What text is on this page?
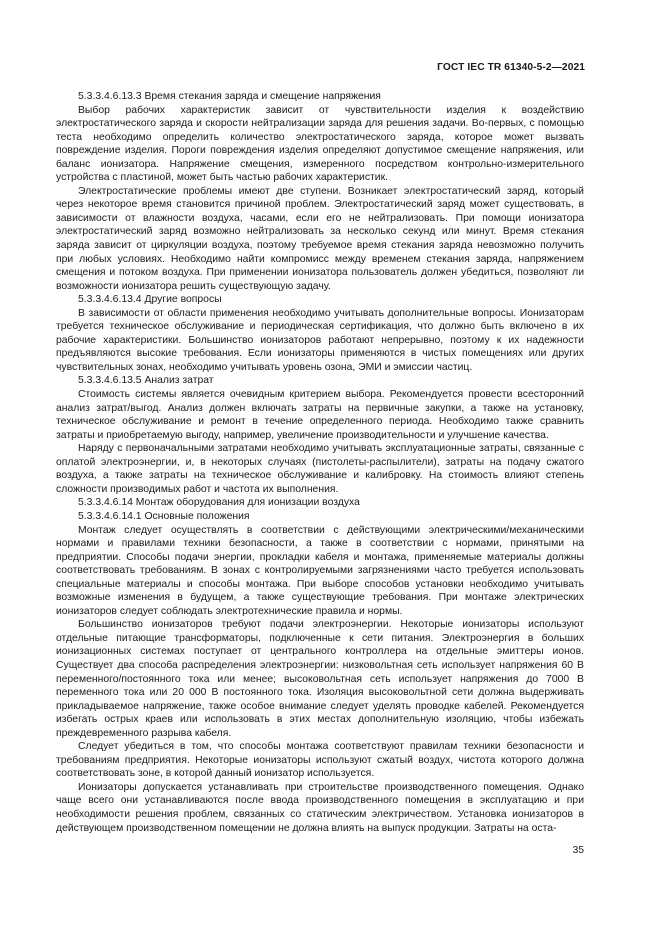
ГОСТ IEC TR 61340-5-2—2021

5.3.3.4.6.13.3 Время стекания заряда и смещение напряжения

Выбор рабочих характеристик зависит от чувствительности изделия к воздействию электростатического заряда и скорости нейтрализации заряда для решения задачи. Во-первых, с помощью теста необходимо определить количество электростатического заряда, которое может вызвать повреждение изделия. Пороги повреждения изделия определяют допустимое смещение напряжения, или баланс ионизатора. Напряжение смещения, измеренного посредством контрольно-измерительного устройства с пластиной, может быть частью рабочих характеристик.

Электростатические проблемы имеют две ступени. Возникает электростатический заряд, который через некоторое время становится причиной проблем. Электростатический заряд может существовать, в зависимости от влажности воздуха, часами, если его не нейтрализовать. При помощи ионизатора электростатический заряд возможно нейтрализовать за несколько секунд или минут. Время стекания заряда зависит от циркуляции воздуха, поэтому требуемое время стекания заряда невозможно получить при любых условиях. Необходимо найти компромисс между временем стекания заряда, напряжением смещения и потоком воздуха. При применении ионизатора пользователь должен убедиться, позволяют ли возможности ионизатора решить существующую задачу.

5.3.3.4.6.13.4 Другие вопросы

В зависимости от области применения необходимо учитывать дополнительные вопросы. Ионизаторам требуется техническое обслуживание и периодическая сертификация, что должно быть включено в их рабочие характеристики. Большинство ионизаторов работают непрерывно, поэтому к их надежности предъявляются высокие требования. Если ионизаторы применяются в чистых помещениях или других чувствительных зонах, необходимо учитывать уровень озона, ЭМИ и эмиссии частиц.

5.3.3.4.6.13.5 Анализ затрат

Стоимость системы является очевидным критерием выбора. Рекомендуется провести всесторонний анализ затрат/выгод. Анализ должен включать затраты на первичные закупки, а также на установку, техническое обслуживание и ремонт в течение определенного периода. Необходимо также сравнить затраты и приобретаемую выгоду, например, увеличение производительности и улучшение качества.

Наряду с первоначальными затратами необходимо учитывать эксплуатационные затраты, связанные с оплатой электроэнергии, и, в некоторых случаях (пистолеты-распылители), затраты на подачу сжатого воздуха, а также затраты на техническое обслуживание и калибровку. На стоимость влияют степень сложности производимых работ и частота их выполнения.

5.3.3.4.6.14 Монтаж оборудования для ионизации воздуха

5.3.3.4.6.14.1 Основные положения

Монтаж следует осуществлять в соответствии с действующими электрическими/механическими нормами и правилами техники безопасности, а также в соответствии с нормами, принятыми на предприятии. Способы подачи энергии, прокладки кабеля и монтажа, применяемые материалы должны соответствовать требованиям. В зонах с контролируемыми загрязнениями часто требуется использовать специальные материалы и способы монтажа. При выборе способов установки необходимо учитывать возможные изменения в будущем, а также существующие требования. При монтаже электрических ионизаторов следует соблюдать электротехнические правила и нормы.

Большинство ионизаторов требуют подачи электроэнергии. Некоторые ионизаторы используют отдельные питающие трансформаторы, подключенные к сети питания. Электроэнергия в больших ионизационных системах поступает от центрального контроллера на отдельные эмиттеры ионов. Существует два способа распределения электроэнергии: низковольтная сеть использует напряжения 60 В переменного/постоянного тока или менее; высоковольтная сеть использует напряжения до 7000 В переменного тока или 20 000 В постоянного тока. Изоляция высоковольтной сети должна выдерживать прикладываемое напряжение, также особое внимание следует уделять проводке кабелей. Рекомендуется избегать острых краев или использовать в этих местах дополнительную изоляцию, чтобы избежать преждевременного разрыва кабеля.

Следует убедиться в том, что способы монтажа соответствуют правилам техники безопасности и требованиям предприятия. Некоторые ионизаторы используют сжатый воздух, чистота которого должна соответствовать зоне, в которой данный ионизатор используется.

Ионизаторы допускается устанавливать при строительстве производственного помещения. Однако чаще всего они устанавливаются после ввода производственного помещения в эксплуатацию и при необходимости решения проблем, связанных со статическим электричеством. Установка ионизаторов в действующем производственном помещении не должна влиять на выпуск продукции. Затраты на оста-

35
